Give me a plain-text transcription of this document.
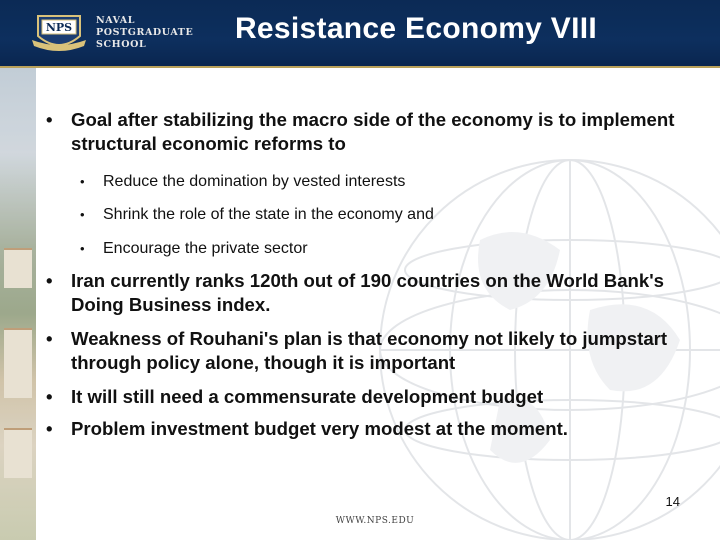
NPS
NAVAL
POSTGRADUATE
SCHOOL	Resistance Economy VIII
• Goal after stabilizing the macro side of the economy is to implement structural economic reforms to
• Reduce the domination by vested interests
• Shrink the role of the state in the economy and
• Encourage the private sector
• Iran currently ranks 120th out of 190 countries on the World Bank's Doing Business index.
• Weakness of Rouhani's plan is that economy not likely to jumpstart through policy alone, though it is important
• It will still need a commensurate development budget
• Problem investment budget very modest at the moment.
14
WWW.NPS.EDU
